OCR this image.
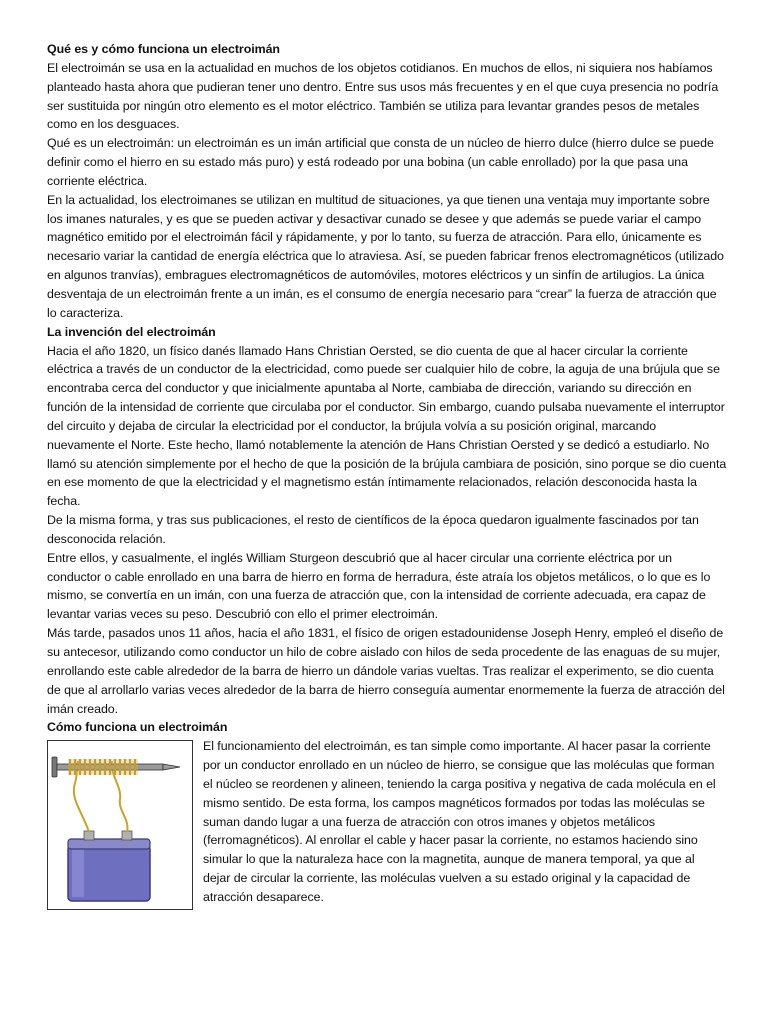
Qué es y cómo funciona un electroimán

El electroimán se usa en la actualidad en muchos de los objetos cotidianos. En muchos de ellos, ni siquiera nos habíamos planteado hasta ahora que pudieran tener uno dentro. Entre sus usos más frecuentes y en el que cuya presencia no podría ser sustituida por ningún otro elemento es el motor eléctrico. También se utiliza para levantar grandes pesos de metales como en los desguaces.

Qué es un electroimán: un electroimán es un imán artificial que consta de un núcleo de hierro dulce (hierro dulce se puede definir como el hierro en su estado más puro) y está rodeado por una bobina (un cable enrollado) por la que pasa una corriente eléctrica.

En la actualidad, los electroimanes se utilizan en multitud de situaciones, ya que tienen una ventaja muy importante sobre los imanes naturales, y es que se pueden activar y desactivar cunado se desee y que además se puede variar el campo magnético emitido por el electroimán fácil y rápidamente, y por lo tanto, su fuerza de atracción. Para ello, únicamente es necesario variar la cantidad de energía eléctrica que lo atraviesa. Así, se pueden fabricar frenos electromagnéticos (utilizado en algunos tranvías), embragues electromagnéticos de automóviles, motores eléctricos y un sinfín de artilugios. La única desventaja de un electroimán frente a un imán, es el consumo de energía necesario para “crear” la fuerza de atracción que lo caracteriza.

La invención del electroimán

Hacia el año 1820, un físico danés llamado Hans Christian Oersted, se dio cuenta de que al hacer circular la corriente eléctrica a través de un conductor de la electricidad, como puede ser cualquier hilo de cobre, la aguja de una brújula que se encontraba cerca del conductor y que inicialmente apuntaba al Norte, cambiaba de dirección, variando su dirección en función de la intensidad de corriente que circulaba por el conductor. Sin embargo, cuando pulsaba nuevamente el interruptor del circuito y dejaba de circular la electricidad por el conductor, la brújula volvía a su posición original, marcando nuevamente el Norte. Este hecho, llamó notablemente la atención de Hans Christian Oersted y se dedicó a estudiarlo. No llamó su atención simplemente por el hecho de que la posición de la brújula cambiara de posición, sino porque se dio cuenta en ese momento de que la electricidad y el magnetismo están íntimamente relacionados, relación desconocida hasta la fecha.

De la misma forma, y tras sus publicaciones, el resto de científicos de la época quedaron igualmente fascinados por tan desconocida relación.

Entre ellos, y casualmente, el inglés William Sturgeon descubrió que al hacer circular una corriente eléctrica por un conductor o cable enrollado en una barra de hierro en forma de herradura, éste atraía los objetos metálicos, o lo que es lo mismo, se convertía en un imán, con una fuerza de atracción que, con la intensidad de corriente adecuada, era capaz de levantar varias veces su peso. Descubrió con ello el primer electroimán.

Más tarde, pasados unos 11 años, hacia el año 1831, el físico de origen estadounidense Joseph Henry, empleó el diseño de su antecesor, utilizando como conductor un hilo de cobre aislado con hilos de seda procedente de las enaguas de su mujer, enrollando este cable alrededor de la barra de hierro un dándole varias vueltas. Tras realizar el experimento, se dio cuenta de que al arrollarlo varias veces alrededor de la barra de hierro conseguía aumentar enormemente la fuerza de atracción del imán creado.

Cómo funciona un electroimán

El funcionamiento del electroimán, es tan simple como importante. Al hacer pasar la corriente por un conductor enrollado en un núcleo de hierro, se consigue que las moléculas que forman el núcleo se reordenen y alineen, teniendo la carga positiva y negativa de cada molécula en el mismo sentido. De esta forma, los campos magnéticos formados por todas las moléculas se suman dando lugar a una fuerza de atracción con otros imanes y objetos metálicos (ferromagnéticos). Al enrollar el cable y hacer pasar la corriente, no estamos haciendo sino simular lo que la naturaleza hace con la magnetita, aunque de manera temporal, ya que al dejar de circular la corriente, las moléculas vuelven a su estado original y la capacidad de atracción desaparece.
